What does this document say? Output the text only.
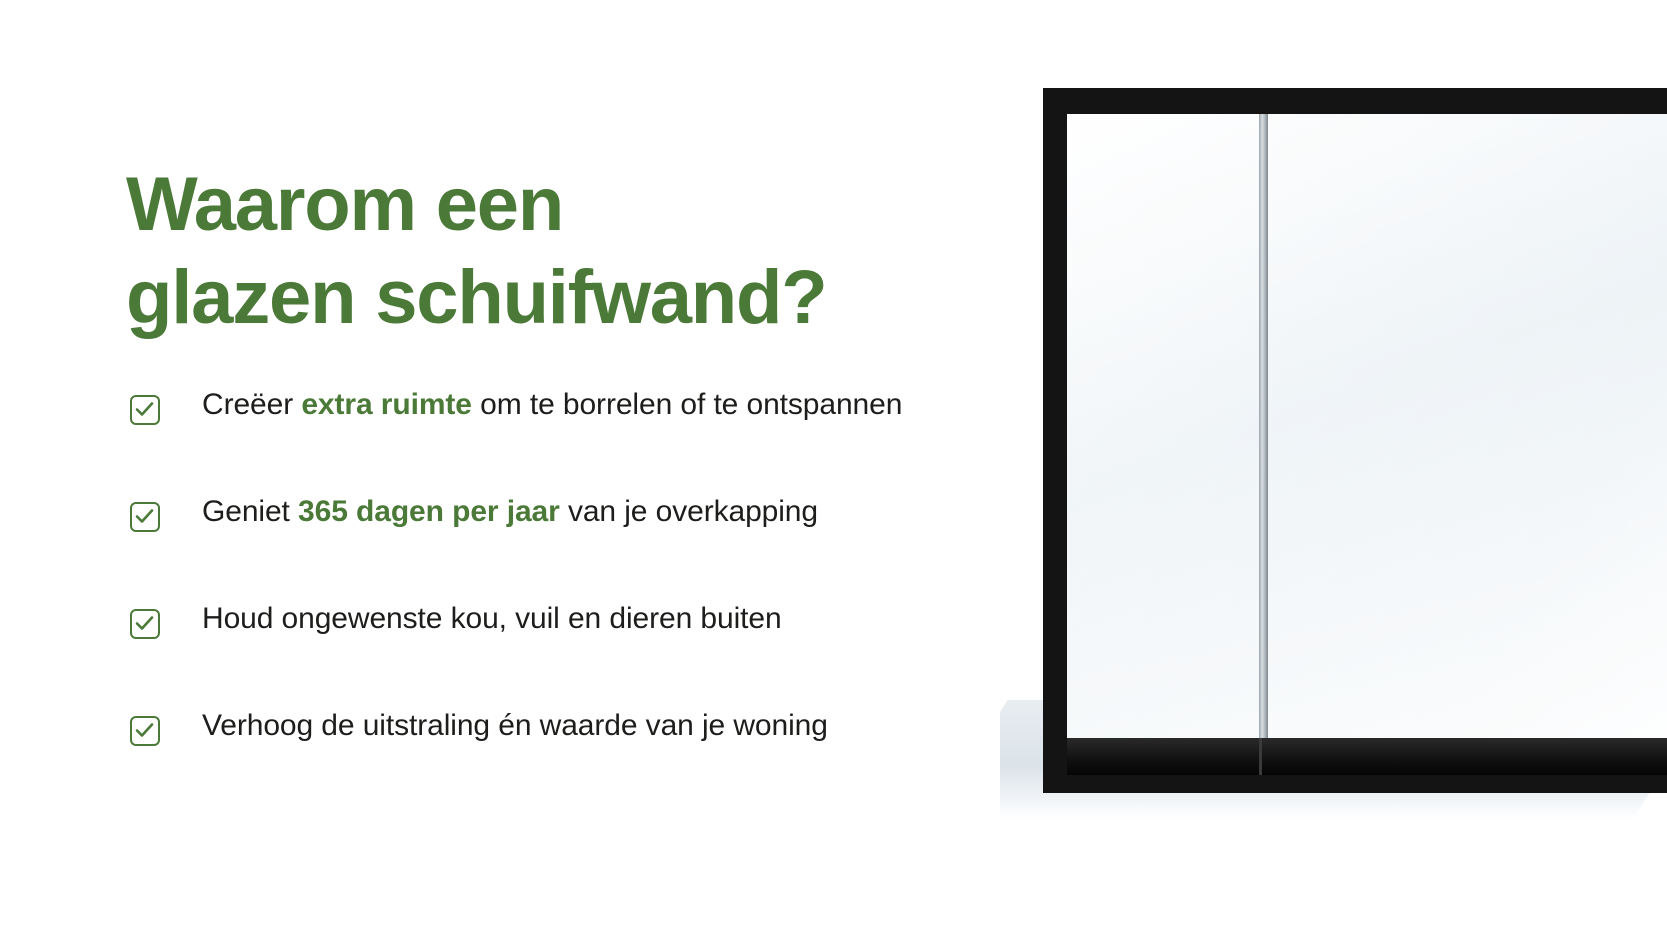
Waarom een
glazen schuifwand?
Creëer extra ruimte om te borrelen of te ontspannen
Geniet 365 dagen per jaar van je overkapping
Houd ongewenste kou, vuil en dieren buiten
Verhoog de uitstraling én waarde van je woning
